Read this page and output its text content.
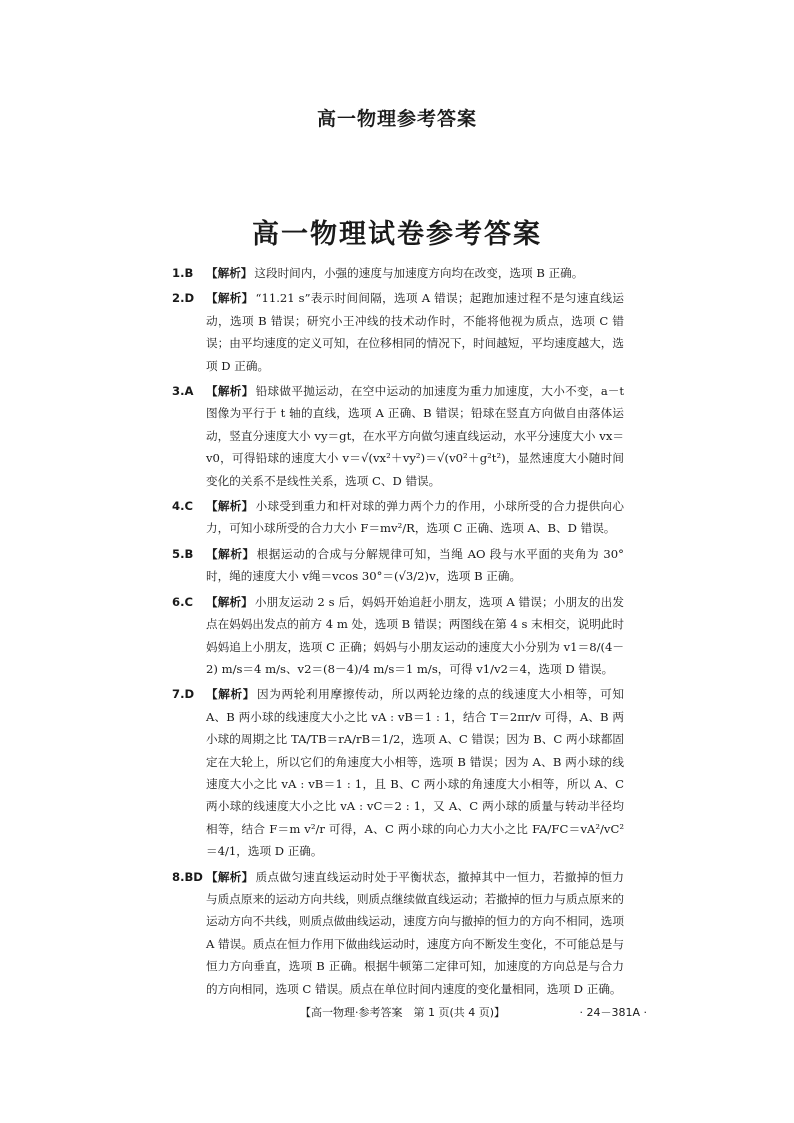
高一物理参考答案
高一物理试卷参考答案
1.B	【解析】 这段时间内，小强的速度与加速度方向均在改变，选项 B 正确。
2.D	【解析】 “11.21 s”表示时间间隔，选项 A 错误；起跑加速过程不是匀速直线运动，选项 B 错误；研究小王冲线的技术动作时，不能将他视为质点，选项 C 错误；由平均速度的定义可知，在位移相同的情况下，时间越短，平均速度越大，选项 D 正确。
3.A	【解析】 铅球做平抛运动，在空中运动的加速度为重力加速度，大小不变，a－t 图像为平行于 t 轴的直线，选项 A 正确、B 错误；铅球在竖直方向做自由落体运动，竖直分速度大小 vy＝gt，在水平方向做匀速直线运动，水平分速度大小 vx＝v0，可得铅球的速度大小 v＝√(vx²＋vy²)＝√(v0²＋g²t²)，显然速度大小随时间变化的关系不是线性关系，选项 C、D 错误。
4.C	【解析】 小球受到重力和杆对球的弹力两个力的作用，小球所受的合力提供向心力，可知小球所受的合力大小 F＝mv²/R，选项 C 正确、选项 A、B、D 错误。
5.B	【解析】 根据运动的合成与分解规律可知，当绳 AO 段与水平面的夹角为 30°时，绳的速度大小 v绳＝vcos 30°＝(√3/2)v，选项 B 正确。
6.C	【解析】 小朋友运动 2 s 后，妈妈开始追赶小朋友，选项 A 错误；小朋友的出发点在妈妈出发点的前方 4 m 处，选项 B 错误；两图线在第 4 s 末相交，说明此时妈妈追上小朋友，选项 C 正确；妈妈与小朋友运动的速度大小分别为 v1＝8/(4－2) m/s＝4 m/s、v2＝(8－4)/4 m/s＝1 m/s，可得 v1/v2＝4，选项 D 错误。
7.D	【解析】 因为两轮利用摩擦传动，所以两轮边缘的点的线速度大小相等，可知 A、B 两小球的线速度大小之比 vA : vB＝1 : 1，结合 T＝2πr/v 可得，A、B 两小球的周期之比 TA/TB＝rA/rB＝1/2，选项 A、C 错误；因为 B、C 两小球都固定在大轮上，所以它们的角速度大小相等，选项 B 错误；因为 A、B 两小球的线速度大小之比 vA : vB＝1 : 1，且 B、C 两小球的角速度大小相等，所以 A、C 两小球的线速度大小之比 vA : vC＝2 : 1，又 A、C 两小球的质量与转动半径均相等，结合 F＝m v²/r 可得，A、C 两小球的向心力大小之比 FA/FC＝vA²/vC²＝4/1，选项 D 正确。
8.BD 【解析】 质点做匀速直线运动时处于平衡状态，撤掉其中一恒力，若撤掉的恒力与质点原来的运动方向共线，则质点继续做直线运动；若撤掉的恒力与质点原来的运动方向不共线，则质点做曲线运动，速度方向与撤掉的恒力的方向不相同，选项 A 错误。质点在恒力作用下做曲线运动时，速度方向不断发生变化，不可能总是与恒力方向垂直，选项 B 正确。根据牛顿第二定律可知，加速度的方向总是与合力的方向相同，选项 C 错误。质点在单位时间内速度的变化量相同，选项 D 正确。
【高一物理·参考答案　第 1 页(共 4 页)】	· 24－381A ·
